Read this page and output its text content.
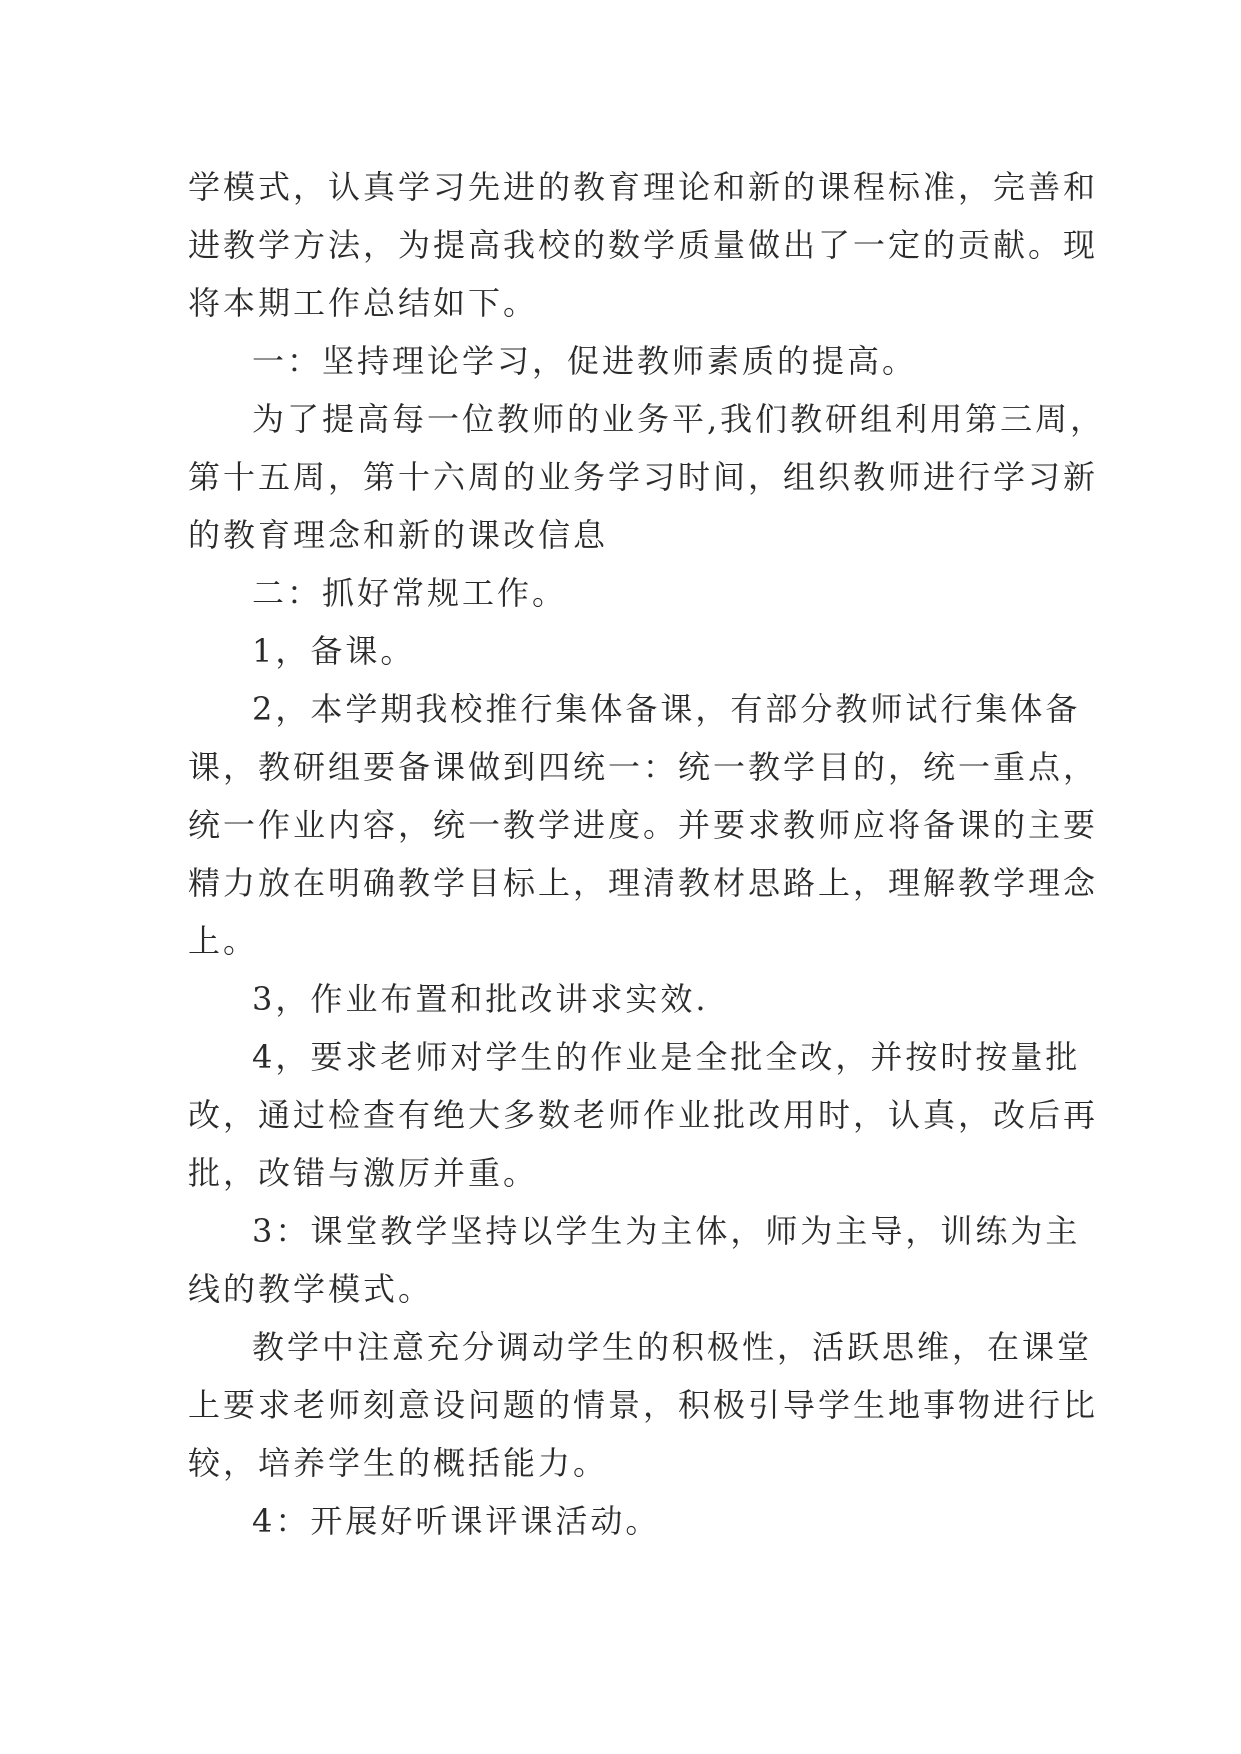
学模式，认真学习先进的教育理论和新的课程标准，完善和
进教学方法，为提高我校的数学质量做出了一定的贡献。现
将本期工作总结如下。
一：坚持理论学习，促进教师素质的提高。
为了提高每一位教师的业务平,我们教研组利用第三周，
第十五周，第十六周的业务学习时间，组织教师进行学习新
的教育理念和新的课改信息
二：抓好常规工作。
1，备课。
2，本学期我校推行集体备课，有部分教师试行集体备
课，教研组要备课做到四统一：统一教学目的，统一重点，
统一作业内容，统一教学进度。并要求教师应将备课的主要
精力放在明确教学目标上，理清教材思路上，理解教学理念
上。
3，作业布置和批改讲求实效.
4，要求老师对学生的作业是全批全改，并按时按量批
改，通过检查有绝大多数老师作业批改用时，认真，改后再
批，改错与激厉并重。
3：课堂教学坚持以学生为主体，师为主导，训练为主
线的教学模式。
教学中注意充分调动学生的积极性，活跃思维，在课堂
上要求老师刻意设问题的情景，积极引导学生地事物进行比
较，培养学生的概括能力。
4：开展好听课评课活动。
